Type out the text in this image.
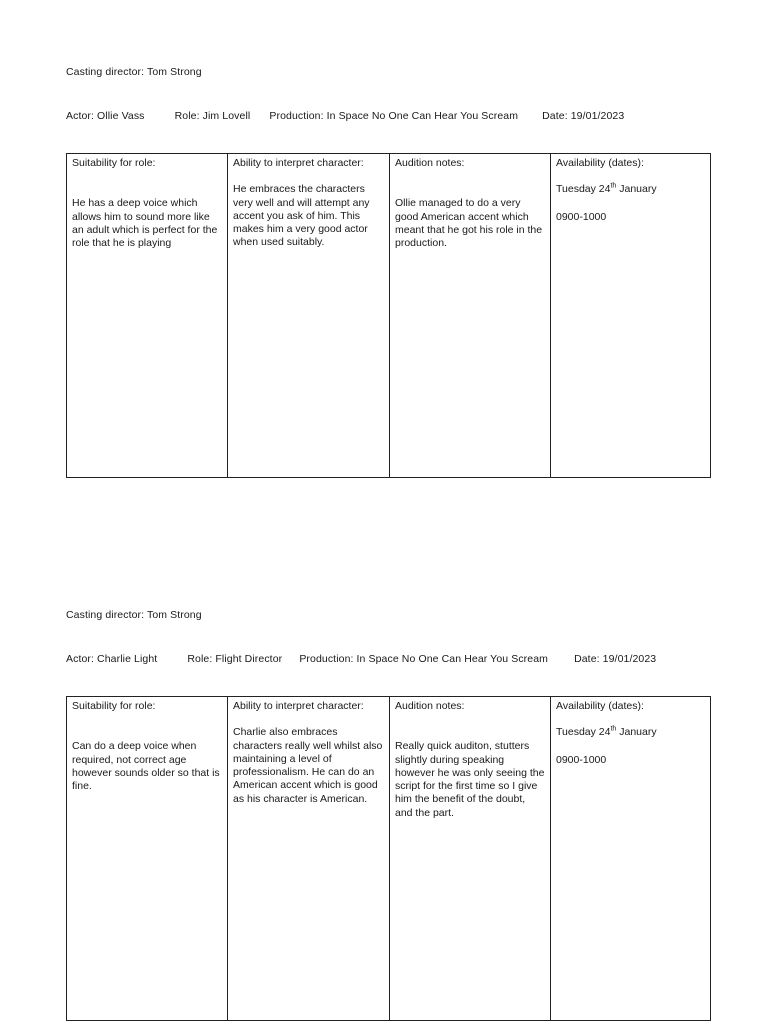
Casting director: Tom Strong
Actor: Ollie Vass	Role: Jim Lovell Production: In Space No One Can Hear You Scream Date: 19/01/2023

Suitability for role:

He has a deep voice which allows him to sound more like an adult which is perfect for the role that he is playing

Ability to interpret character:

He embraces the characters very well and will attempt any accent you ask of him. This makes him a very good actor when used suitably.

Audition notes:

Ollie managed to do a very good American accent which meant that he got his role in the production.

Availability (dates):

Tuesday 24th January

0900-1000

Casting director: Tom Strong
Actor: Charlie Light	Role: Flight Director Production: In Space No One Can Hear You Scream Date: 19/01/2023

Suitability for role:

Can do a deep voice when required, not correct age however sounds older so that is fine.

Ability to interpret character:

Charlie also embraces characters really well whilst also maintaining a level of professionalism. He can do an American accent which is good as his character is American.

Audition notes:

Really quick auditon, stutters slightly during speaking however he was only seeing the script for the first time so I give him the benefit of the doubt, and the part.

Availability (dates):

Tuesday 24th January

0900-1000
